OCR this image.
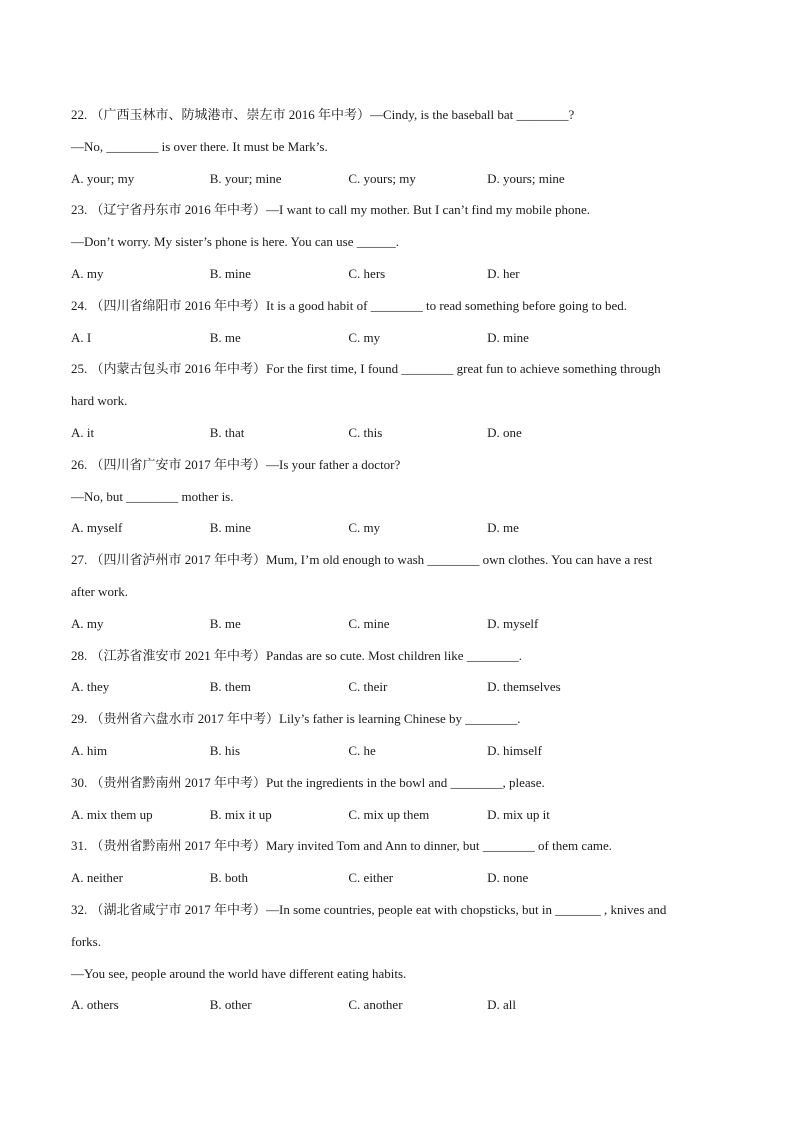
22. （广西玉林市、防城港市、崇左市 2016 年中考）—Cindy, is the baseball bat ________?
—No, ________ is over there. It must be Mark’s.
A. your; my	B. your; mine	C. yours; my	D. yours; mine
23. （辽宁省丹东市 2016 年中考）—I want to call my mother. But I can’t find my mobile phone.
—Don’t worry. My sister’s phone is here. You can use ______.
A. my	B. mine	C. hers	D. her
24. （四川省绵阳市 2016 年中考）It is a good habit of ________ to read something before going to bed.
A. I	B. me	C. my	D. mine
25. （内蒙古包头市 2016 年中考）For the first time, I found ________ great fun to achieve something through
hard work.
A. it	B. that	C. this	D. one
26. （四川省广安市 2017 年中考）—Is your father a doctor?
—No, but ________ mother is.
A. myself	B. mine	C. my	D. me
27. （四川省泸州市 2017 年中考）Mum, I’m old enough to wash ________ own clothes. You can have a rest
after work.
A. my	B. me	C. mine	D. myself
28. （江苏省淮安市 2021 年中考）Pandas are so cute. Most children like ________.
A. they	B. them	C. their	D. themselves
29. （贵州省六盘水市 2017 年中考）Lily’s father is learning Chinese by ________.
A. him	B. his	C. he	D. himself
30. （贵州省黔南州 2017 年中考）Put the ingredients in the bowl and ________, please.
A. mix them up	B. mix it up	C. mix up them	D. mix up it
31. （贵州省黔南州 2017 年中考）Mary invited Tom and Ann to dinner, but ________ of them came.
A. neither	B. both	C. either	D. none
32. （湖北省咸宁市 2017 年中考）—In some countries, people eat with chopsticks, but in _______ , knives and
forks.
—You see, people around the world have different eating habits.
A. others	B. other	C. another	D. all
